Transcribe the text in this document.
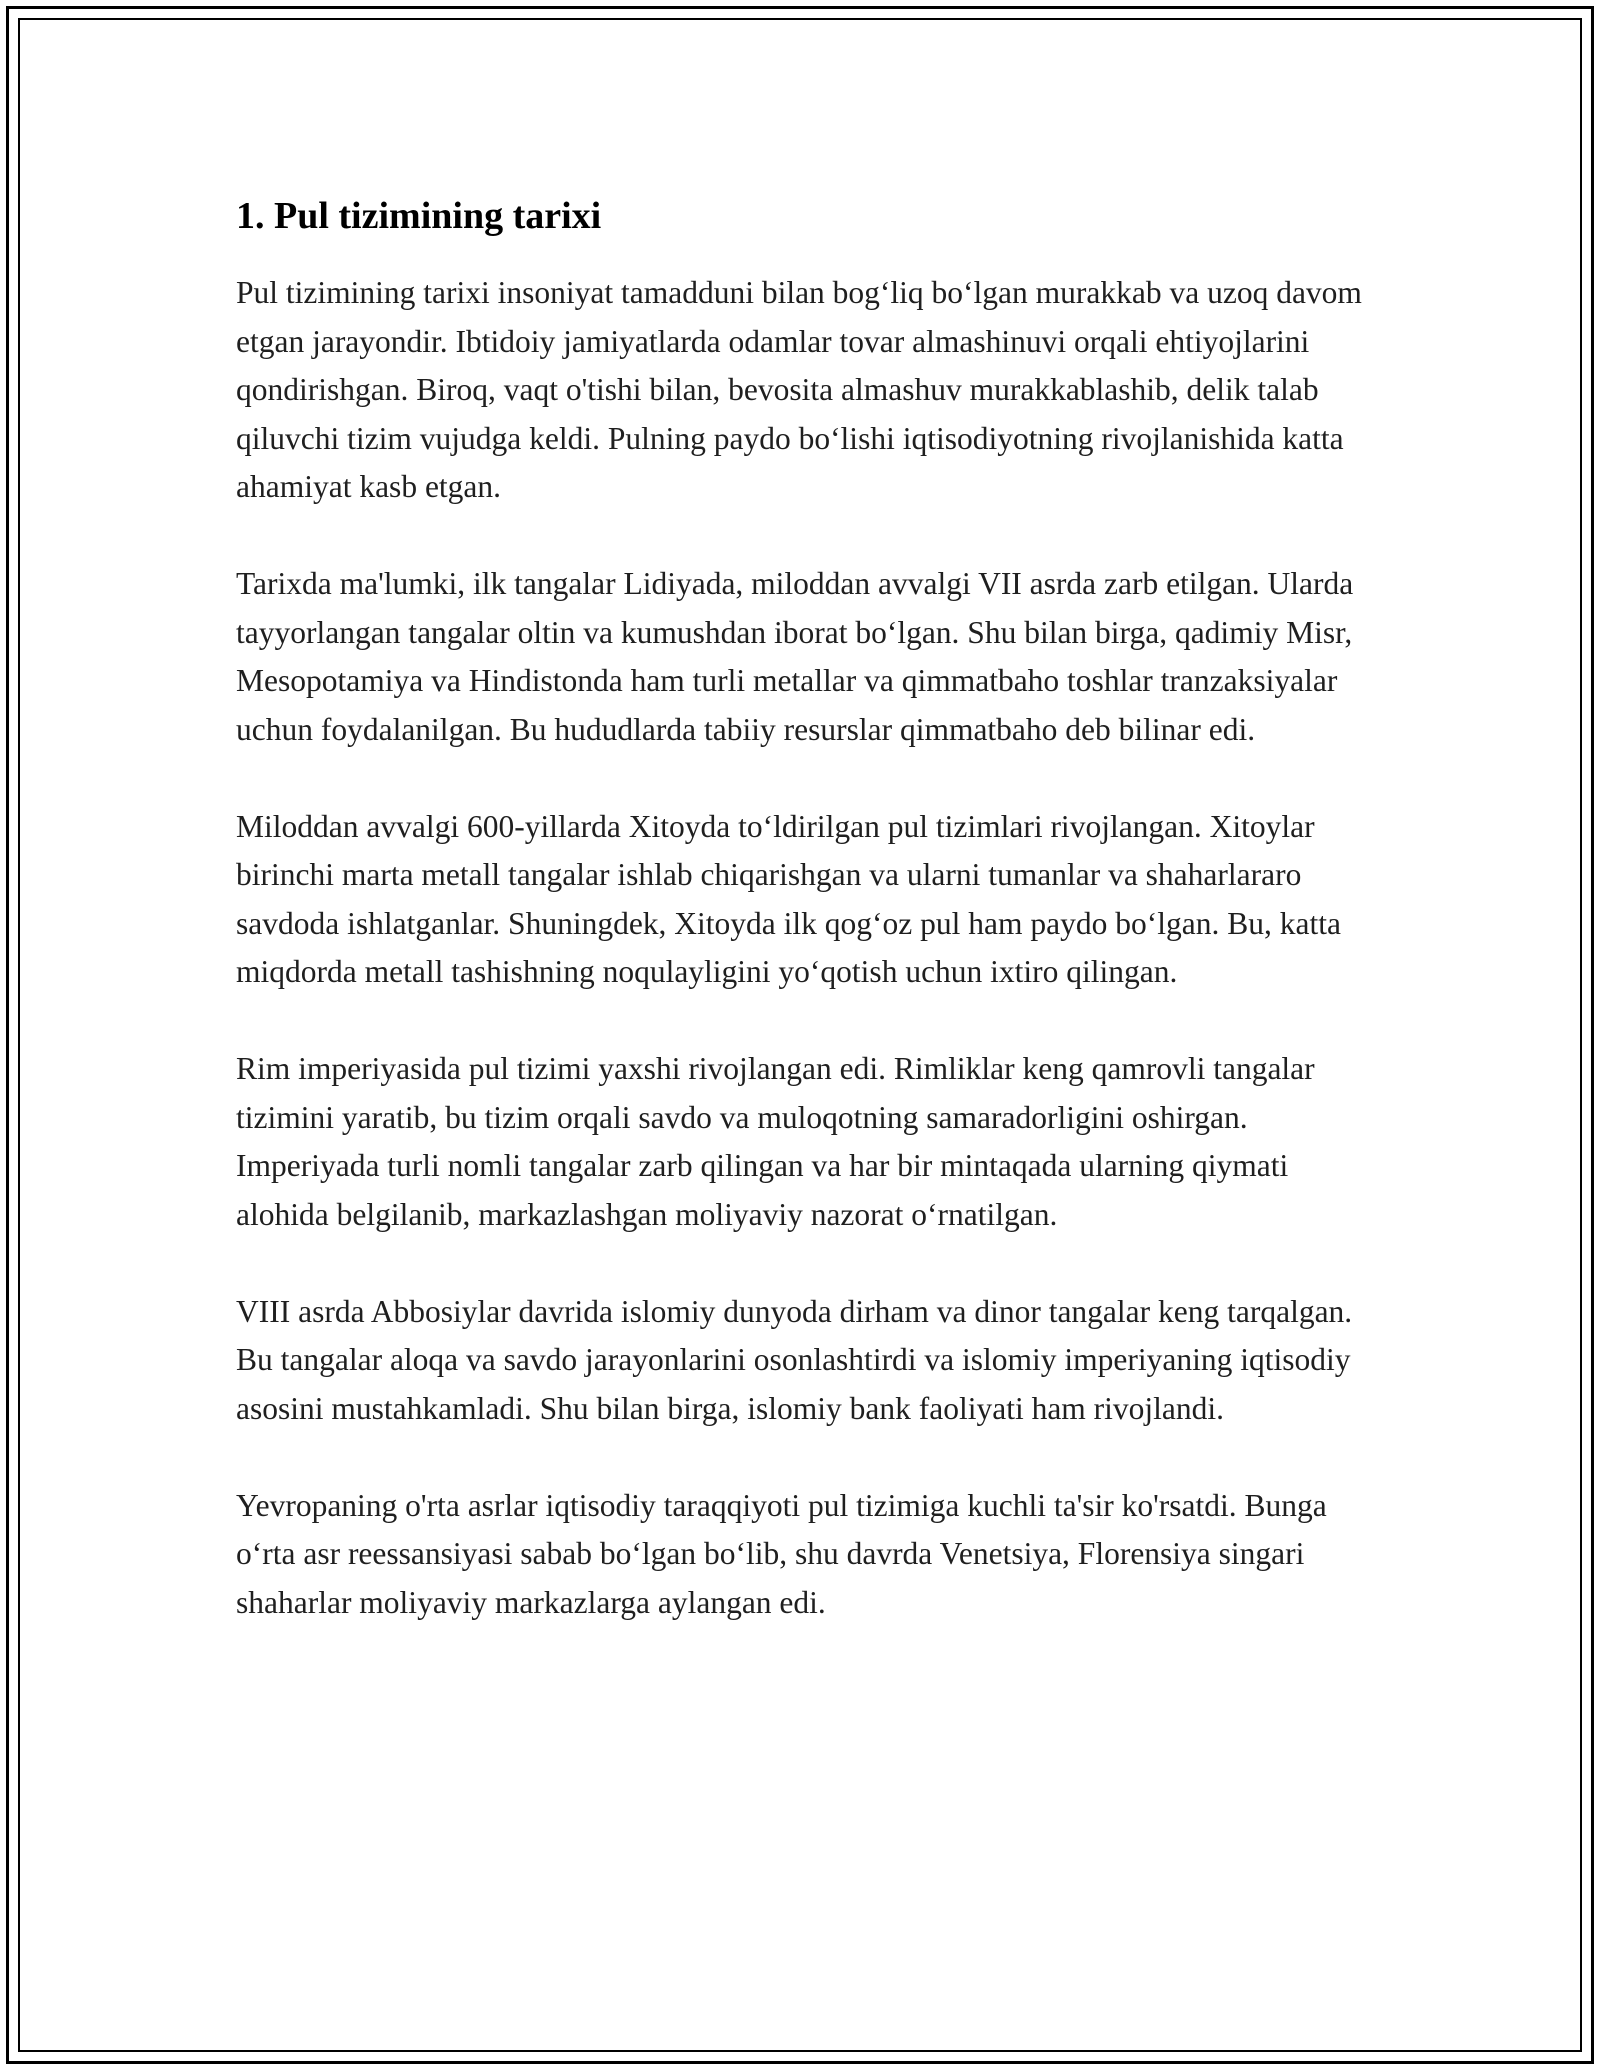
1. Pul tizimining tarixi

Pul tizimining tarixi insoniyat tamadduni bilan bog‘liq bo‘lgan murakkab va uzoq davom etgan jarayondir. Ibtidoiy jamiyatlarda odamlar tovar almashinuvi orqali ehtiyojlarini qondirishgan. Biroq, vaqt o'tishi bilan, bevosita almashuv murakkablashib, delik talab qiluvchi tizim vujudga keldi. Pulning paydo bo‘lishi iqtisodiyotning rivojlanishida katta ahamiyat kasb etgan.

Tarixda ma'lumki, ilk tangalar Lidiyada, miloddan avvalgi VII asrda zarb etilgan. Ularda tayyorlangan tangalar oltin va kumushdan iborat bo‘lgan. Shu bilan birga, qadimiy Misr, Mesopotamiya va Hindistonda ham turli metallar va qimmatbaho toshlar tranzaksiyalar uchun foydalanilgan. Bu hududlarda tabiiy resurslar qimmatbaho deb bilinar edi.

Miloddan avvalgi 600-yillarda Xitoyda to‘ldirilgan pul tizimlari rivojlangan. Xitoylar birinchi marta metall tangalar ishlab chiqarishgan va ularni tumanlar va shaharlararo savdoda ishlatganlar. Shuningdek, Xitoyda ilk qog‘oz pul ham paydo bo‘lgan. Bu, katta miqdorda metall tashishning noqulayligini yo‘qotish uchun ixtiro qilingan.

Rim imperiyasida pul tizimi yaxshi rivojlangan edi. Rimliklar keng qamrovli tangalar tizimini yaratib, bu tizim orqali savdo va muloqotning samaradorligini oshirgan. Imperiyada turli nomli tangalar zarb qilingan va har bir mintaqada ularning qiymati alohida belgilanib, markazlashgan moliyaviy nazorat o‘rnatilgan.

VIII asrda Abbosiylar davrida islomiy dunyoda dirham va dinor tangalar keng tarqalgan. Bu tangalar aloqa va savdo jarayonlarini osonlashtirdi va islomiy imperiyaning iqtisodiy asosini mustahkamladi. Shu bilan birga, islomiy bank faoliyati ham rivojlandi.

Yevropaning o'rta asrlar iqtisodiy taraqqiyoti pul tizimiga kuchli ta'sir ko'rsatdi. Bunga o‘rta asr reessansiyasi sabab bo‘lgan bo‘lib, shu davrda Venetsiya, Florensiya singari shaharlar moliyaviy markazlarga aylangan edi.
